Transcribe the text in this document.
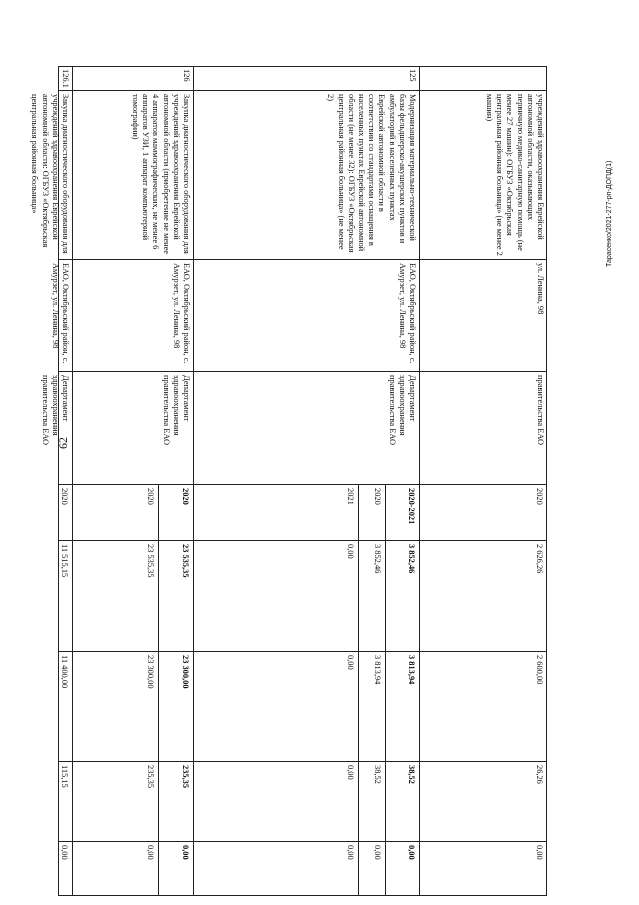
62
Тарасенко/2021-277-рп-ДОПД(1)
учреждений здравоохранения Еврейской автономной области, оказывающих первичную медико-санитарную помощь (не менее 27 машин): ОГБУЗ «Октябрьская центральная районная больница» (не менее 2 машин)
ул. Ленина, 98
правительства ЕАО
2020
2 626,26
2 600,00
26,26
0,00
125
Модернизация материально-технической базы фельдшерско-акушерских пунктов и амбулаторий в населенных пунктах Еврейской автономной области в соответствии со стандартами оснащения в населенных пунктах Еврейской автономной области (не менее 32): ОГБУЗ «Октябрьская центральная районная больница» (не менее 2)
ЕАО, Октябрьский район, с. Амурзет, ул. Ленина, 98
Департамент здравоохранения правительства ЕАО
2020-2021
2020
2021
3 852,46
3 852,46
0,00
3 813,94
3 813,94
0,00
38,52
38,52
0,00
0,00
0,00
0,00
126
Закупка диагностического оборудования для учреждений здравоохранения Еврейской автономной области (приобретение не менее 4 аппаратов маммографических, не менее 6 аппаратов УЗИ, 1 аппарат компьютерной томографии)
ЕАО, Октябрьский район, с. Амурзет, ул. Ленина, 98
Департамент здравоохранения правительства ЕАО
2020
2020
23 535,35
23 535,35
23 300,00
23 300,00
235,35
235,35
0,00
0,00
126.1
Закупка диагностического оборудования для учреждений здравоохранения Еврейской автономной области: ОГБУЗ «Октябрьская центральная районная больница»
ЕАО, Октябрьский район, с. Амурзет, ул. Ленина, 98
Департамент здравоохранения правительства ЕАО
2020
11 515,15
11 400,00
115,15
0,00
